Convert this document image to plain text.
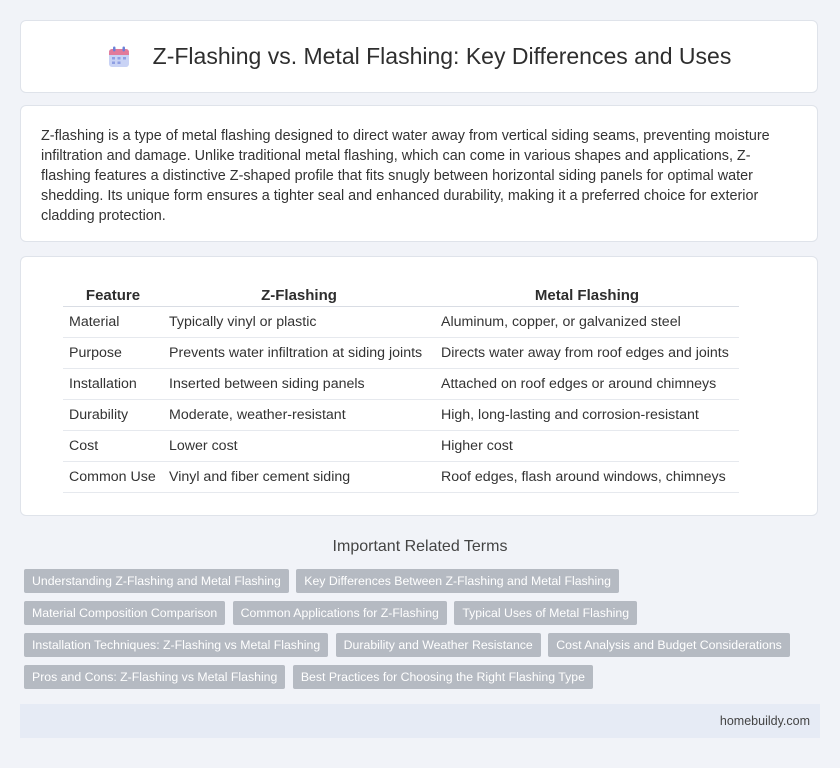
Z-Flashing vs. Metal Flashing: Key Differences and Uses

Z-flashing is a type of metal flashing designed to direct water away from vertical siding seams, preventing moisture infiltration and damage. Unlike traditional metal flashing, which can come in various shapes and applications, Z-flashing features a distinctive Z-shaped profile that fits snugly between horizontal siding panels for optimal water shedding. Its unique form ensures a tighter seal and enhanced durability, making it a preferred choice for exterior cladding protection.

Feature	Z-Flashing	Metal Flashing
Material	Typically vinyl or plastic	Aluminum, copper, or galvanized steel
Purpose	Prevents water infiltration at siding joints	Directs water away from roof edges and joints
Installation	Inserted between siding panels	Attached on roof edges or around chimneys
Durability	Moderate, weather-resistant	High, long-lasting and corrosion-resistant
Cost	Lower cost	Higher cost
Common Use	Vinyl and fiber cement siding	Roof edges, flash around windows, chimneys
Important Related Terms
Understanding Z-Flashing and Metal Flashing Key Differences Between Z-Flashing and Metal Flashing Material Composition Comparison Common Applications for Z-Flashing Typical Uses of Metal Flashing Installation Techniques: Z-Flashing vs Metal Flashing Durability and Weather Resistance Cost Analysis and Budget Considerations Pros and Cons: Z-Flashing vs Metal Flashing Best Practices for Choosing the Right Flashing Type
homebuildy.com
